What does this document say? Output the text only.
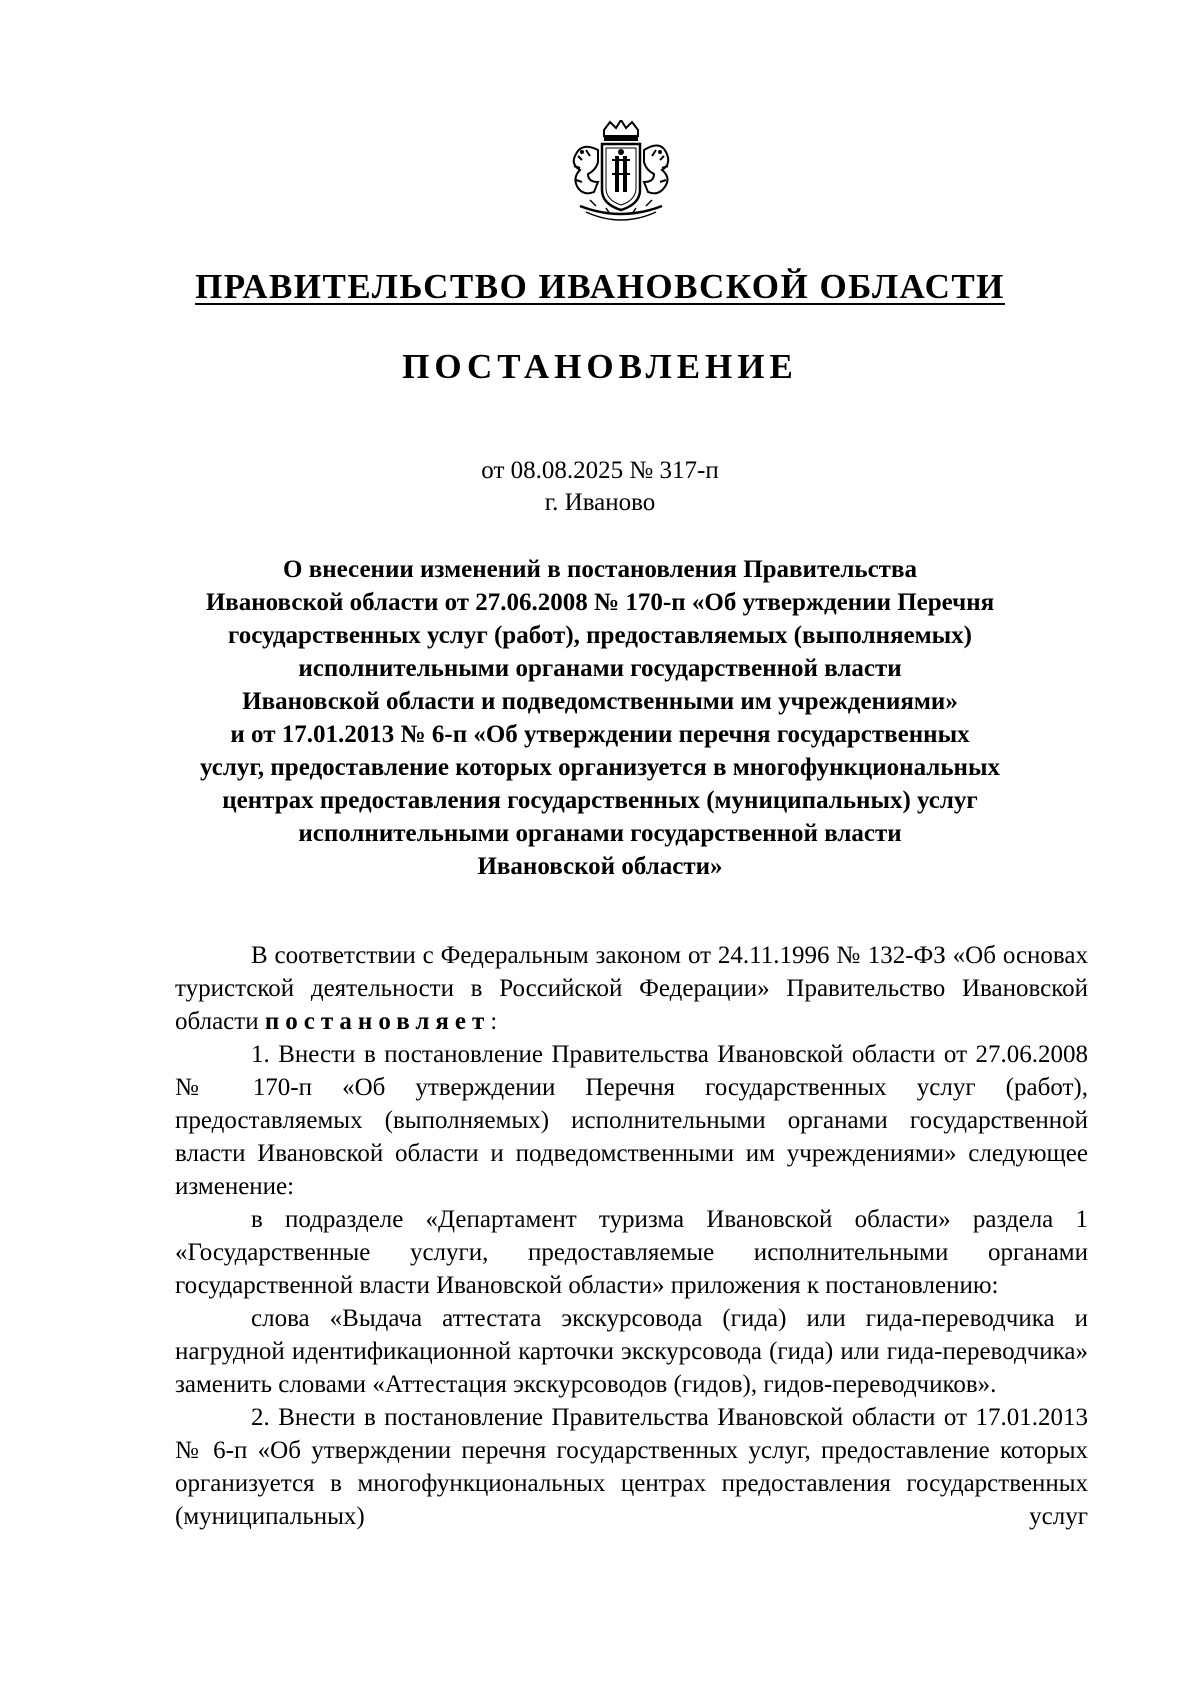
ПРАВИТЕЛЬСТВО ИВАНОВСКОЙ ОБЛАСТИ
ПОСТАНОВЛЕНИЕ
от 08.08.2025 № 317-п
г. Иваново
О внесении изменений в постановления Правительства
Ивановской области от 27.06.2008 № 170-п «Об утверждении Перечня
государственных услуг (работ), предоставляемых (выполняемых)
исполнительными органами государственной власти
Ивановской области и подведомственными им учреждениями»
и от 17.01.2013 № 6-п «Об утверждении перечня государственных
услуг, предоставление которых организуется в многофункциональных
центрах предоставления государственных (муниципальных) услуг
исполнительными органами государственной власти
Ивановской области»

В соответствии с Федеральным законом от 24.11.1996 № 132-ФЗ «Об основах туристской деятельности в Российской Федерации» Правительство Ивановской области постановляет:

1. Внести в постановление Правительства Ивановской области от 27.06.2008 № 170-п «Об утверждении Перечня государственных услуг (работ), предоставляемых (выполняемых) исполнительными органами государственной власти Ивановской области и подведомственными им учреждениями» следующее изменение:

в подразделе «Департамент туризма Ивановской области» раздела 1 «Государственные услуги, предоставляемые исполнительными органами государственной власти Ивановской области» приложения к постановлению:

слова «Выдача аттестата экскурсовода (гида) или гида-переводчика и нагрудной идентификационной карточки экскурсовода (гида) или гида-переводчика» заменить словами «Аттестация экскурсоводов (гидов), гидов-переводчиков».

2. Внести в постановление Правительства Ивановской области от 17.01.2013 № 6-п «Об утверждении перечня государственных услуг, предоставление которых организуется в многофункциональных центрах предоставления государственных (муниципальных) услуг
